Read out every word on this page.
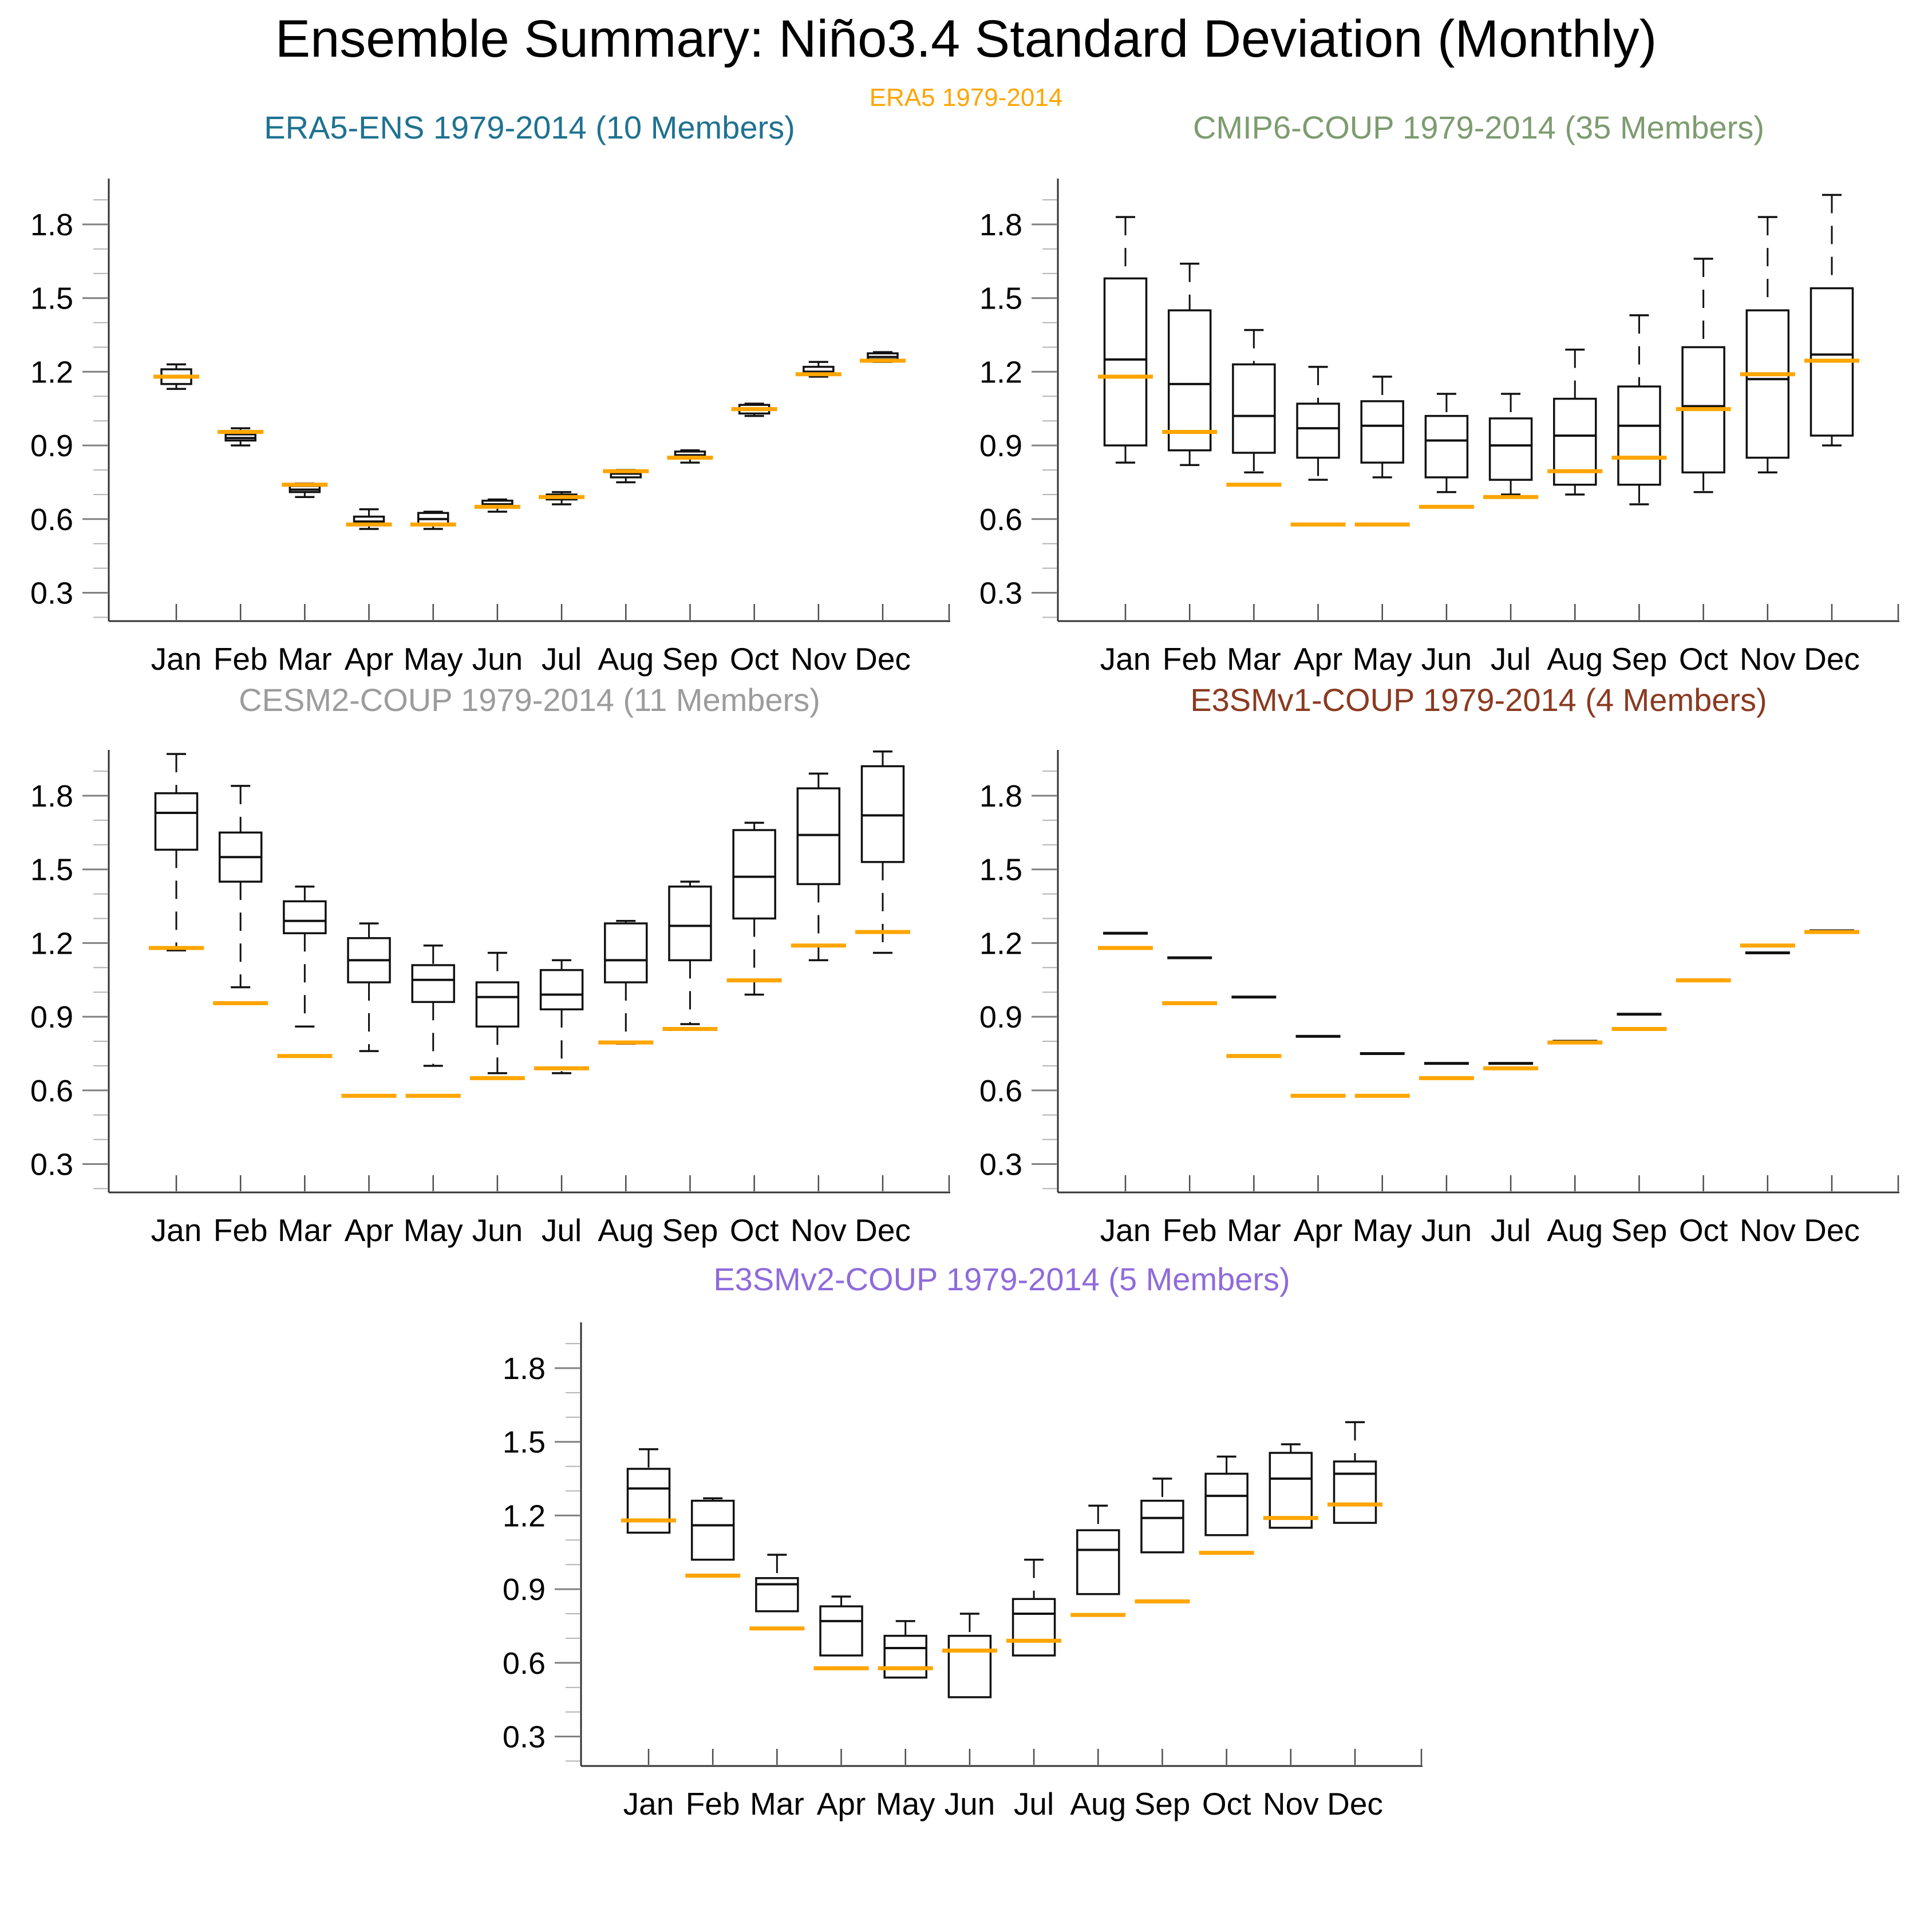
Ensemble Summary: Niño3.4 Standard Deviation (Monthly)
ERA5 1979-2014
ERA5-ENS 1979-2014 (10 Members)	CMIP6-COUP 1979-2014 (35 Members)
CESM2-COUP 1979-2014 (11 Members)	E3SMv1-COUP 1979-2014 (4 Members)
E3SMv2-COUP 1979-2014 (5 Members)
0.3
0.6
0.9
1.2
1.5
1.8
Jan Feb Mar Apr May Jun Jul Aug Sep Oct Nov Dec
0.3
0.6
0.9
1.2
1.5
1.8
Jan Feb Mar Apr May Jun Jul Aug Sep Oct Nov Dec
0.3
0.6
0.9
1.2
1.5
1.8
Jan Feb Mar Apr May Jun Jul Aug Sep Oct Nov Dec
0.3
0.6
0.9
1.2
1.5
1.8
Jan Feb Mar Apr May Jun Jul Aug Sep Oct Nov Dec
0.3
0.6
0.9
1.2
1.5
1.8
Jan Feb Mar Apr May Jun Jul Aug Sep Oct Nov Dec
